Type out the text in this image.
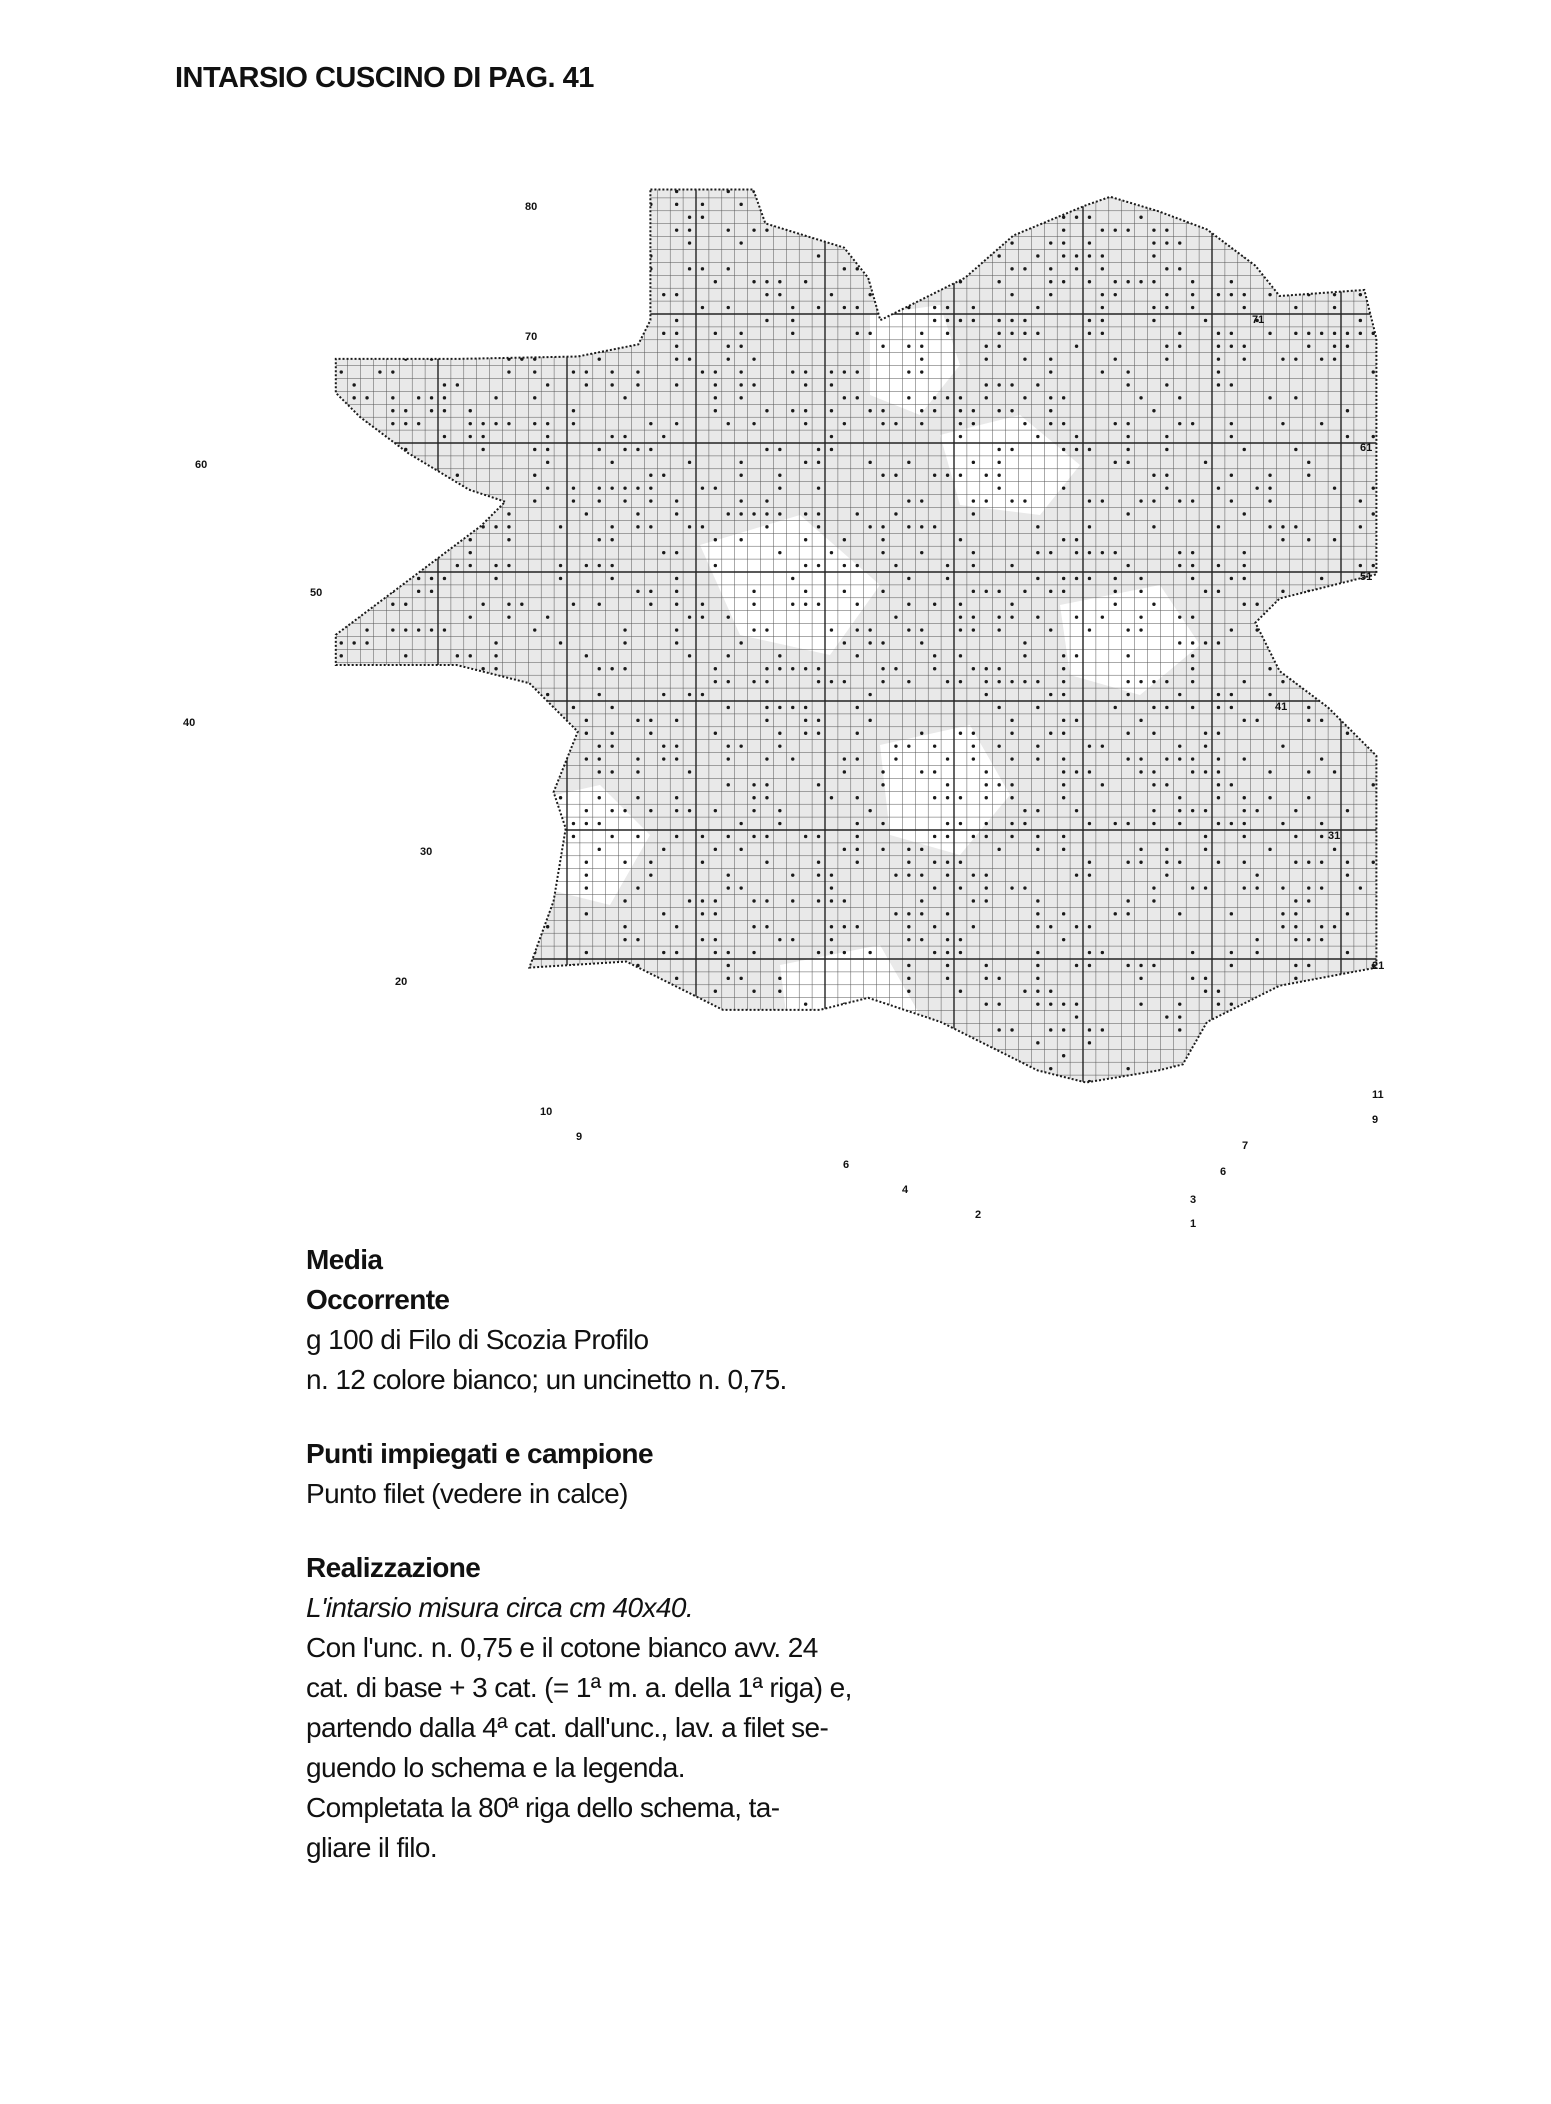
INTARSIO CUSCINO DI PAG. 41
80
70
60
50
40
30
20
10
9
6
4
2
71
61
51
41
31
21
11
9
7
6
3
1
Media
Occorrente
g 100 di Filo di Scozia Profilo
n. 12 colore bianco; un uncinetto n. 0,75.
Punti impiegati e campione
Punto filet (vedere in calce)
Realizzazione
L'intarsio misura circa cm 40x40.
Con l'unc. n. 0,75 e il cotone bianco avv. 24
cat. di base + 3 cat. (= 1ª m. a. della 1ª riga) e,
partendo dalla 4ª cat. dall'unc., lav. a filet se-
guendo lo schema e la legenda.
Completata la 80ª riga dello schema, ta-
gliare il filo.
